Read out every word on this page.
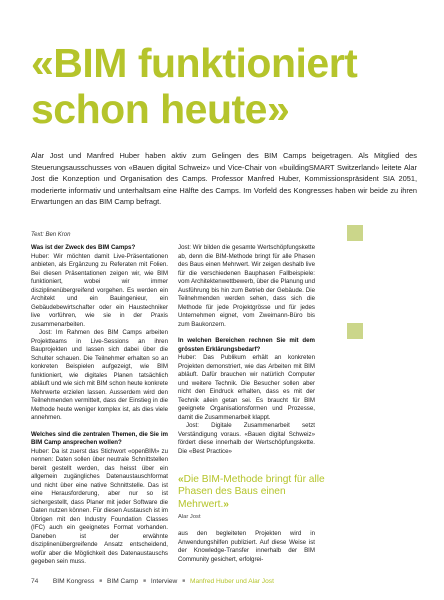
«BIM funktioniert
schon heute»

Alar Jost und Manfred Huber haben aktiv zum Gelingen des BIM Camps beigetragen. Als Mitglied des Steuerungsausschusses von «Bauen digital Schweiz» und Vice-Chair von «buildingSMART Switzerland» leitete Alar Jost die Konzeption und Organisation des Camps. Professor Manfred Huber, Kommissionspräsident SIA 2051, moderierte informativ und unterhaltsam eine Hälfte des Camps. Im Vorfeld des Kongresses haben wir beide zu ihren Erwartungen an das BIM Camp befragt.

Text: Ben Kron

Was ist der Zweck des BIM Camps?

Huber: Wir möchten damit Live-Präsentationen anbieten, als Ergänzung zu Referaten mit Folien. Bei diesen Präsentationen zeigen wir, wie BIM funktioniert, wobei wir immer disziplinenübergreifend vorgehen. Es werden ein Architekt und ein Bauingenieur, ein Gebäudebewirtschafter oder ein Haustechniker live vorführen, wie sie in der Praxis zusammenarbeiten.

Jost: Im Rahmen des BIM Camps arbeiten Projektteams in Live-Sessions an ihren Bauprojekten und lassen sich dabei über die Schulter schauen. Die Teilnehmer erhalten so an konkreten Beispielen aufgezeigt, wie BIM funktioniert, wie digitales Planen tatsächlich abläuft und wie sich mit BIM schon heute konkrete Mehrwerte erzielen lassen. Ausserdem wird den Teilnehmenden vermittelt, dass der Einstieg in die Methode heute weniger komplex ist, als dies viele annehmen.

Welches sind die zentralen Themen, die Sie im BIM Camp ansprechen wollen?

Huber: Da ist zuerst das Stichwort «openBIM» zu nennen: Daten sollen über neutrale Schnittstellen bereit gestellt werden, das heisst über ein allgemein zugängliches Datenaustauschformat und nicht über eine native Schnittstelle. Das ist eine Herausforderung, aber nur so ist sichergestellt, dass Planer mit jeder Software die Daten nutzen können. Für diesen Austausch ist im Übrigen mit den Industry Foundation Classes (IFC) auch ein geeignetes Format vorhanden. Daneben ist der erwähnte disziplinenübergreifende Ansatz entscheidend, wofür aber die Möglichkeit des Datenaustauschs gegeben sein muss.

Jost: Wir bilden die gesamte Wertschöpfungskette ab, denn die BIM-Methode bringt für alle Phasen des Baus einen Mehrwert. Wir zeigen deshalb live für die verschiedenen Bauphasen Fallbeispiele: vom Architektenwettbewerb, über die Planung und Ausführung bis hin zum Betrieb der Gebäude. Die Teilnehmenden werden sehen, dass sich die Methode für jede Projektgrösse und für jedes Unternehmen eignet, vom Zweimann-Büro bis zum Baukonzern.

In welchen Bereichen rechnen Sie mit dem grössten Erklärungsbedarf?

Huber: Das Publikum erhält an konkreten Projekten demonstriert, wie das Arbeiten mit BIM abläuft. Dafür brauchen wir natürlich Computer und weitere Technik. Die Besucher sollen aber nicht den Eindruck erhalten, dass es mit der Technik allein getan sei. Es braucht für BIM geeignete Organisationsformen und Prozesse, damit die Zusammenarbeit klappt.

Jost: Digitale Zusammenarbeit setzt Verständigung voraus. «Bauen digital Schweiz» fördert diese innerhalb der Wertschöpfungskette. Die «Best Practice»

«Die BIM-Methode bringt für alle Phasen des Baus einen Mehrwert.»

Alar Jost

aus den begleiteten Projekten wird in Anwendungshilfen publiziert. Auf diese Weise ist der Knowledge-Transfer innerhalb der BIM Community gesichert, erfolgrei-

74 BIM Kongress ■ BIM Camp ■ Interview ■ Manfred Huber und Alar Jost
